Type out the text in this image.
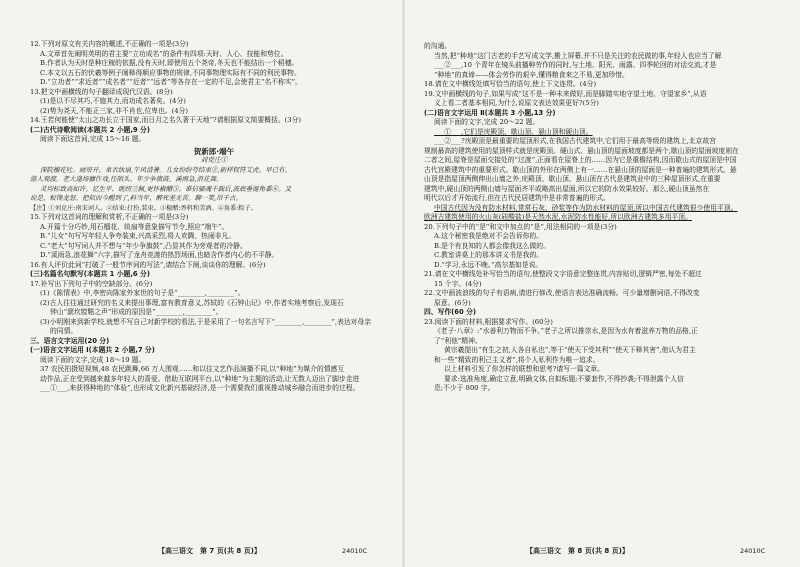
12.下列对原文有关内容的概述,不正确的一项是(3分)
A.文章首先阐明英明的君主要“立功成名”的条件有四项:天时、人心、技能和势位。
B.作者认为天时是种庄稼的依据,没有天时,即使用五个尧帝,冬天也不能结出一个稻穗。
C.本文以五石的伏羲等例子阐释得顺应事物的规律,不同事物理实际有不同的利民事物。
D.“立功者”“求近者”“成名者”“近者”“远者”等各存在一定的不足,会使君主“名不称实”。
13.把文中画横线的句子翻译成现代汉语。(8分)
(1)是以不尽其巧,不施其力,而功成名著矣。(4分)
(2)势为尧天,不能正三家,非不肖也,位卑也。(4分)
14.王若何能使“太山之功长立于国家,而日月之名久著于天地”?请根据原文简要概括。(3分)
(二)古代诗歌阅读(本题共 2 小题,9 分)
阅读下面这首词,完成 15～16 题。
贺新郎·端午
刘克庄①
深院榴花吐。画帘开、束衣纨扇,午风清暑。儿女纷纷夸结束②,新样钗符艾虎。早已有、
游人观渡。老大逢场慵作戏,任陌头、年少争旗鼓。溪雨急,浪花舞。
灵均标致高如许。忆生平、既纫兰佩,更怀椒醑③。谁信骚魂千载后,波底垂涎角黍④。又
说是、蛟馋龙怒。把似而今醒到了,料当年、醉死差无苦。聊一笑,吊千古。
【注】①刘克庄:南宋词人。②结束:打扮,装束。③椒醑:香料和美酒。④角黍:粽子。
15.下列对这首词的理解和赏析,不正确的一项是(3分)
A.开篇十分巧妙,用石榴花、纨扇等意象描写节令,照应“端午”。
B.“儿女”句写写年轻人争夸装束,兴高采烈,将人欢腾、热闹非凡。
C.“老大”句写词人并不想与“年少争旗鼓”,凸显其作为旁观者的冷静。
D.“溪雨急,浪花舞”六字,描写了龙舟竞渡的热烈场面,也暗含作者内心的不平静。
16.有人评价此词“打破了一般节序词的写法”,请结合下阕,谈谈你的理解。(6分)
(三)名篇名句默写(本题共 1 小题,6 分)
17.补写出下列句子中的空缺部分。(6分)
(1)《陈情表》中,李密向陈家外家世的句子是“________,________”。
(2)古人往往通过研究的名义来提出事理,富有教育意义,苏轼的《石钟山记》中,作者实地考察后,发现石
钟山“窾坎镗鞳之声”形成的原因是“________,________”。
(3)小明刚来到新学校,就想不写自己对新学校的看法,于是采用了一句名言写下“________,________”,表达对母亲
的同情。
三、语言文字运用(20 分)
(一)语言文字运用 Ⅰ(本题共 2 小题,7 分)
阅读下面的文字,完成 18～19 题。
37 农民拍摄短视频,48 农民跳舞,66 万人围观……和以往文艺作品演播不同,以“种地”为媒介的情感互
动作品,正在受到越来越多年轻人的喜爱。借助互联网平台,以“种地”为主题的活动,让无数人迈出了脚步走进
___①___,来获得种地的“体验”,也形成文化新兴基础经济,是一个需要我们重视推动城乡融合而进步的过程。
【高三语文　第 7 页(共 8 页)】	24010C
的沟通。
当然,把“种地”这门古老的手艺写成文学,搬上屏幕,并不只是关注的农民做的事,年轻人也应当了解
___②___,10 个青年在镜头前播种劳作的同时,与土地、阳光、雨露、四季轮回的对话交流,才是
“种地”的真谛——体会劳作的艰辛,懂得粮食来之不易,更加珍惜。
18.请在文中横线处填写恰当的语句,使上下文连贯。(4分)
19.文中画横线的句子,如果写成“这不是一种未来做好,而是脚踏实地守望土地、守望家乡”,从语
义上看二者基本相同,为什么说原文表达效果更好?(5分)
(二)语言文字运用 Ⅱ(本题共 3 小题,13 分)
阅读下面的文字,完成 20～22 题。
___①___,它们是庑殿顶、歇山顶、悬山顶和硬山顶。
___②___?庑殿顶是最重要的屋顶形式,在我国古代建筑中,它们用于最高等级的建筑上,北京故宫
规制最高的建筑使用的屋顶样式就是庑殿顶。硬山式、悬山顶的屋面坡度都是两个,歇山顶的屋面坡度则在
二者之间,屋脊是屋面交接处的“过渡”,正面看在屋脊上的……因为它是重檐结构,因而歇山式的屋顶是中国
古代宫殿建筑中的重要形式。歇山顶的外形在两侧上有一……在悬山顶的屋面是一种普遍的建筑形式。悬
山顶是指屋顶两侧伸出山墙之外,庑殿顶、歇山顶、悬山顶在古代是建筑业中的三种屋顶形式,在重要
建筑中,硬山顶的两侧山墙与屋面齐平或略高出屋面,所以它的防水效果较好。那么,硬山顶虽然在
明代以后才开始流行,但在古代民居建筑中是非常普遍的形式。
中国古代因为没有防水材料,常常石灰、砂浆等作为防水材料的屋顶,所以中国古代建筑很少使用平顶。
欧洲古建筑使用的火山灰(硅酸盐)是天然水泥,水泥防水性能好,所以欧洲古建筑多用平顶。
20.下列句子中的“是”和文中加点的“是”,用法相同的一项是(3分)
A.这个秘密我是绝对不会告诉你的。
B.是个有良知的人都会像我这么做的。
C.教室讲桌上的那本讲义书是我的。
D.“学习,永远不晚。”高尔基如是说。
21.请在文中横线处补写恰当的语句,使整段文字语意完整连贯,内容贴切,逻辑严密,每处不超过
15 个字。(4分)
22.文中画波浪线的句子有语病,请进行修改,使语言表达准确流畅。可少量增删词语,不得改变
原意。(6分)
四、写作(60 分)
23.阅读下面的材料,根据要求写作。(60分)
《老子·八章》:“水善利万物而不争。”老子之所以推崇水,是因为水有着滋养万物的品格,正
了“利他”精神。
黄宗羲提出“有生之初,人各自私也”,等于“使天下受其利”“使天下释其害”,他认为君主
和一些“精致的利己主义者”,将个人私利作为唯一追求。
以上材料引发了你怎样的联想和思考?请写一篇文章。
要求:选准角度,确定立意,明确文体,自拟标题;不要套作,不得抄袭;不得泄露个人信
息;不少于 800 字。
【高三语文　第 8 页(共 8 页)】	24010C
